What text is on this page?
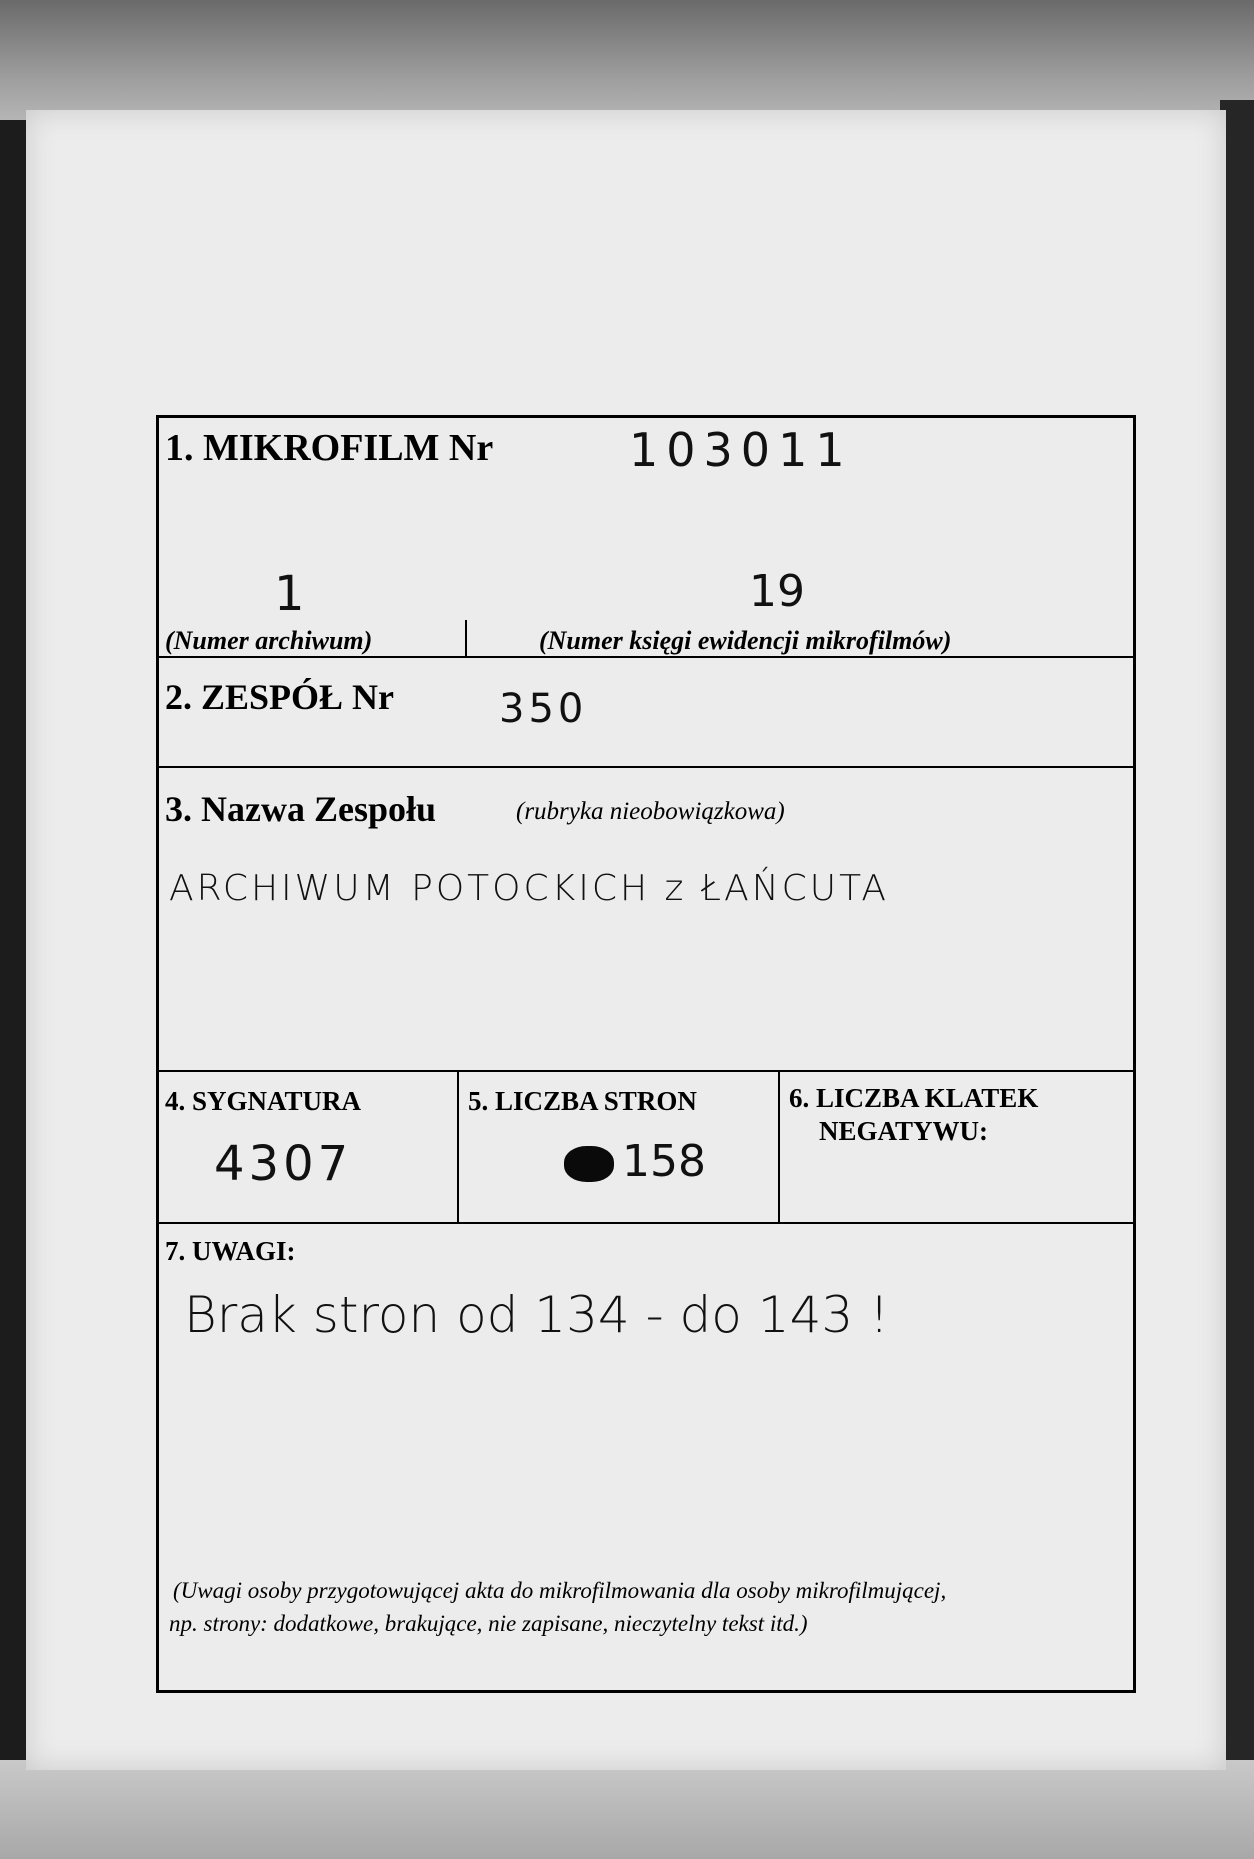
1. MIKROFILM Nr	103011
1	19
(Numer archiwum)	(Numer księgi ewidencji mikrofilmów)
2. ZESPÓŁ Nr	350
3. Nazwa Zespołu	(rubryka nieobowiązkowa)
ARCHIWUM POTOCKICH z ŁAŃCUTA
4. SYGNATURA
4307
5. LICZBA STRON
158
6. LICZBA KLATEK
NEGATYWU:
7. UWAGI:
Brak stron od 134 - do 143 !
(Uwagi osoby przygotowującej akta do mikrofilmowania dla osoby mikrofilmującej,
np. strony: dodatkowe, brakujące, nie zapisane, nieczytelny tekst itd.)
